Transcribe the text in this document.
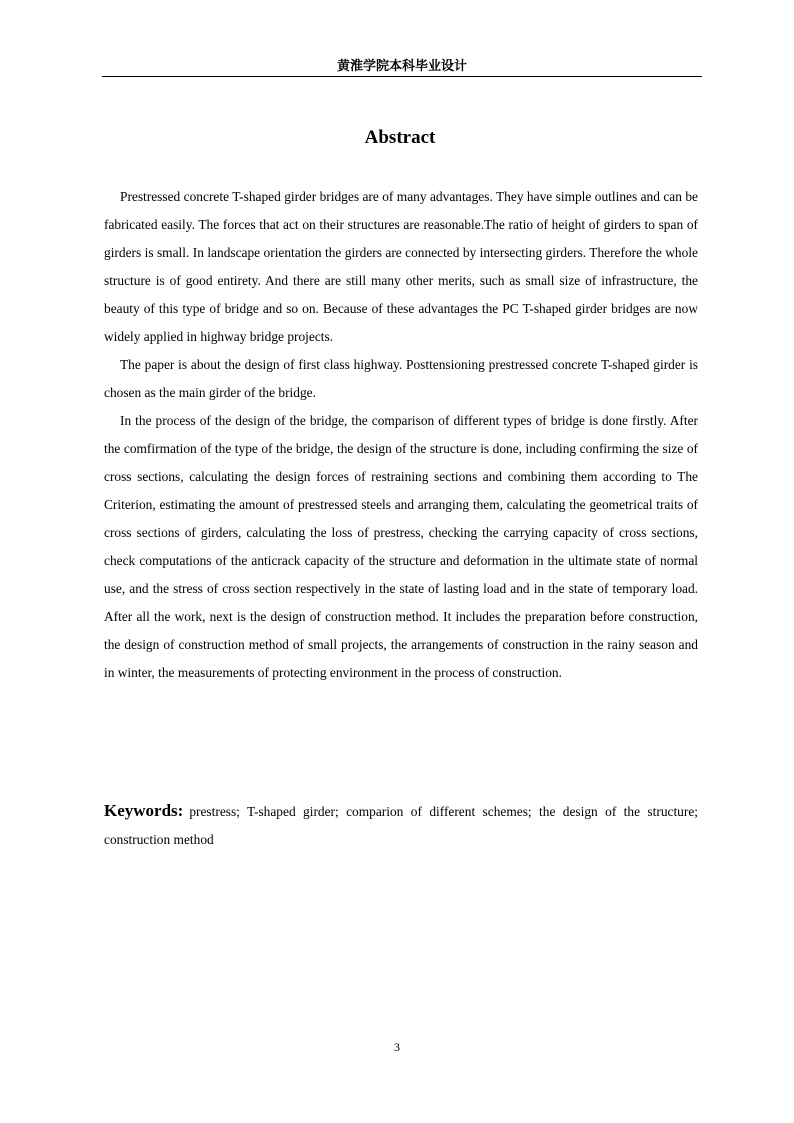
黄淮学院本科毕业设计
Abstract

Prestressed concrete T-shaped girder bridges are of many advantages. They have simple outlines and can be fabricated easily. The forces that act on their structures are reasonable.The ratio of height of girders to span of girders is small. In landscape orientation the girders are connected by intersecting girders. Therefore the whole structure is of good entirety. And there are still many other merits, such as small size of infrastructure, the beauty of this type of bridge and so on. Because of these advantages the PC T-shaped girder bridges are now widely applied in highway bridge projects.

The paper is about the design of first class highway. Posttensioning prestressed concrete T-shaped girder is chosen as the main girder of the bridge.

In the process of the design of the bridge, the comparison of different types of bridge is done firstly. After the comfirmation of the type of the bridge, the design of the structure is done, including confirming the size of cross sections, calculating the design forces of restraining sections and combining them according to The Criterion, estimating the amount of prestressed steels and arranging them, calculating the geometrical traits of cross sections of girders, calculating the loss of prestress, checking the carrying capacity of cross sections, check computations of the anticrack capacity of the structure and deformation in the ultimate state of normal use, and the stress of cross section respectively in the state of lasting load and in the state of temporary load. After all the work, next is the design of construction method. It includes the preparation before construction, the design of construction method of small projects, the arrangements of construction in the rainy season and in winter, the measurements of protecting environment in the process of construction.

Keywords: prestress; T-shaped girder; comparion of different schemes; the design of the structure; construction method
3
